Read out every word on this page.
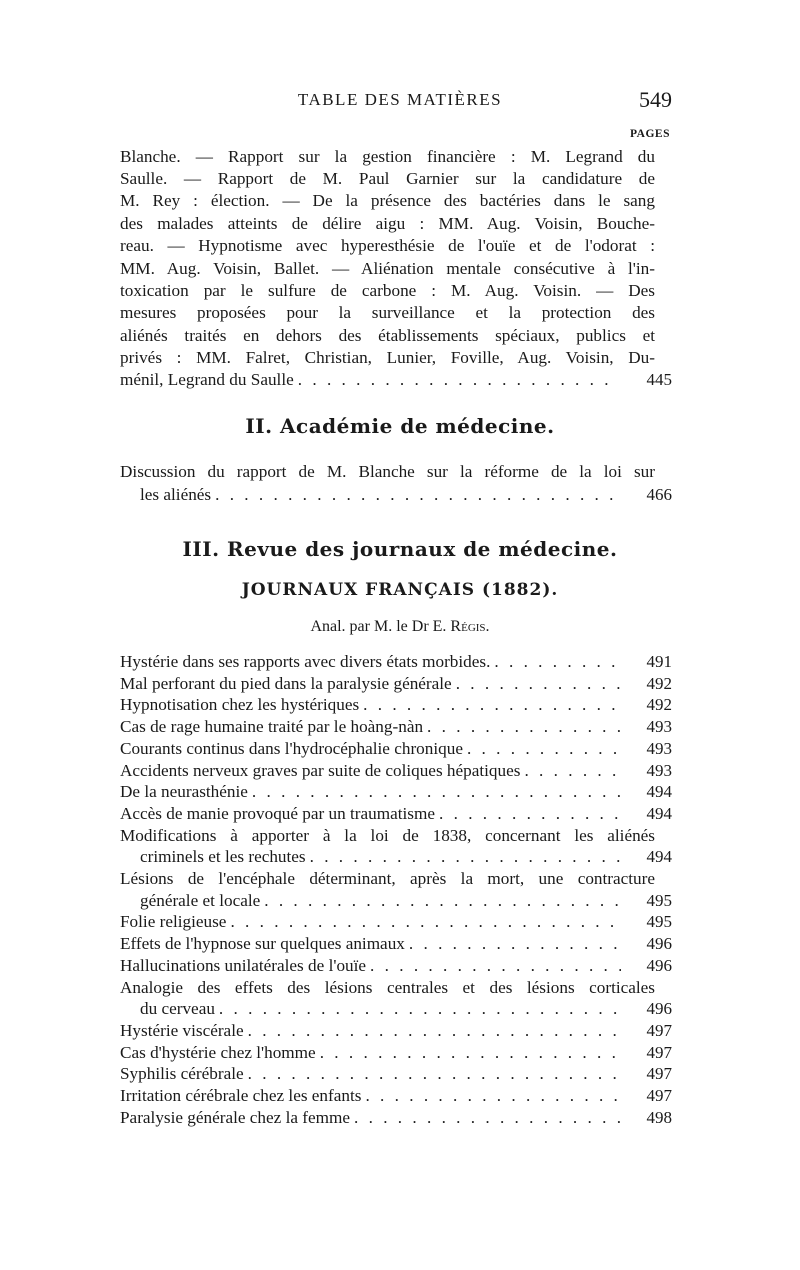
TABLE DES MATIÈRES	549
PAGES
Blanche. — Rapport sur la gestion financière : M. Legrand du
Saulle. — Rapport de M. Paul Garnier sur la candidature de
M. Rey : élection. — De la présence des bactéries dans le sang
des malades atteints de délire aigu : MM. Aug. Voisin, Bouche-
reau. — Hypnotisme avec hyperesthésie de l'ouïe et de l'odorat :
MM. Aug. Voisin, Ballet. — Aliénation mentale consécutive à l'in-
toxication par le sulfure de carbone : M. Aug. Voisin. — Des
mesures proposées pour la surveillance et la protection des
aliénés traités en dehors des établissements spéciaux, publics et
privés : MM. Falret, Christian, Lunier, Foville, Aug. Voisin, Du-
ménil, Legrand du Saulle . . .	445
II. Académie de médecine.
Discussion du rapport de M. Blanche sur la réforme de la loi sur
les aliénés . . .	466
III. Revue des journaux de médecine.
JOURNAUX FRANÇAIS (1882).
Anal. par M. le Dr E. Régis.
Hystérie dans ses rapports avec divers états morbides. . . .	491
Mal perforant du pied dans la paralysie générale . . .	492
Hypnotisation chez les hystériques . . .	492
Cas de rage humaine traité par le hoàng-nàn . . .	493
Courants continus dans l'hydrocéphalie chronique . . .	493
Accidents nerveux graves par suite de coliques hépatiques . . .	493
De la neurasthénie . . .	494
Accès de manie provoqué par un traumatisme . . .	494
Modifications à apporter à la loi de 1838, concernant les aliénés
criminels et les rechutes . . .	494
Lésions de l'encéphale déterminant, après la mort, une contracture
générale et locale . . .	495
Folie religieuse . . .	495
Effets de l'hypnose sur quelques animaux . . .	496
Hallucinations unilatérales de l'ouïe . . .	496
Analogie des effets des lésions centrales et des lésions corticales
du cerveau . . .	496
Hystérie viscérale . . .	497
Cas d'hystérie chez l'homme . . .	497
Syphilis cérébrale . . .	497
Irritation cérébrale chez les enfants . . .	497
Paralysie générale chez la femme . . .	498
